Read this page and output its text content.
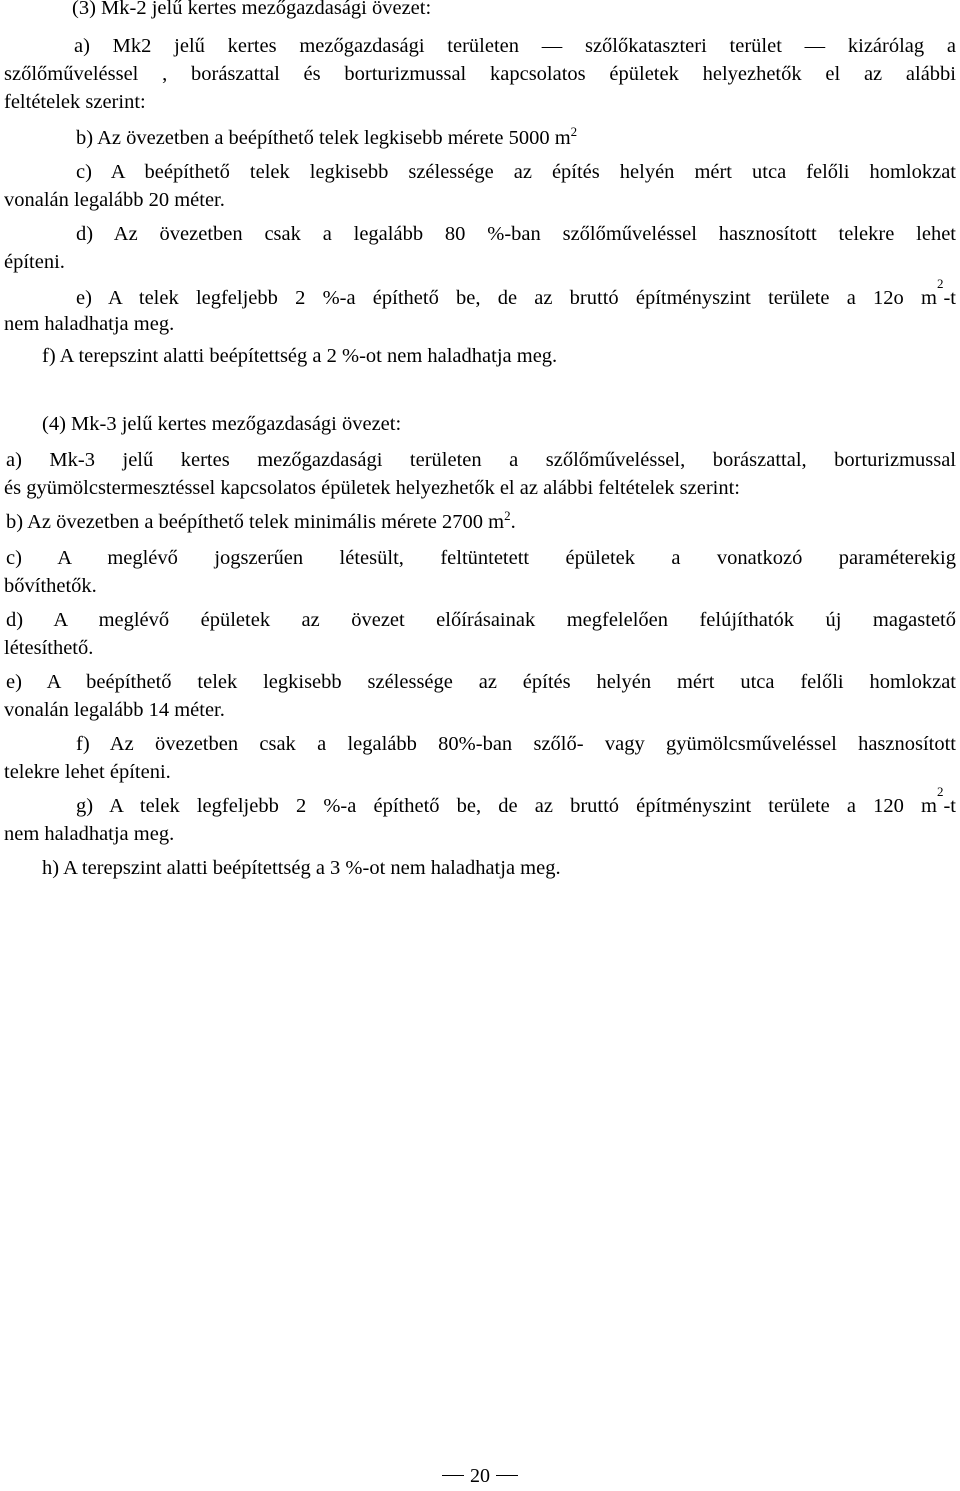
(3) Mk-2 jelű kertes mezőgazdasági övezet:
a) Mk2 jelű kertes mezőgazdasági területen — szőlőkataszteri terület — kizárólag a
szőlőműveléssel , borászattal és borturizmussal kapcsolatos épületek helyezhetők el az alábbi
feltételek szerint:
b) Az övezetben a beépíthető telek legkisebb mérete 5000 $m^2$
c) A beépíthető telek legkisebb szélessége az építés helyén mért utca felőli homlokzat
vonalán legalább 20 méter.
d) Az övezetben csak a legalább 80 %-ban szőlőműveléssel hasznosított telekre lehet
építeni.
e) A telek legfeljebb 2 %-a építhető be, de az bruttó építményszint területe a 12o m
2
-t
nem haladhatja meg.
f) A terepszint alatti beépítettség a 2 %-ot nem haladhatja meg.
(4) Mk-3 jelű kertes mezőgazdasági övezet:
a) Mk-3 jelű kertes mezőgazdasági területen a szőlőműveléssel, borászattal, borturizmussal
és gyümölcstermesztéssel kapcsolatos épületek helyezhetők el az alábbi feltételek szerint:
b) Az övezetben a beépíthető telek minimális mérete 2700 $m^2$.
c) A meglévő jogszerűen létesült, feltüntetett épületek a vonatkozó paraméterekig
bővíthetők.
d) A meglévő épületek az övezet előírásainak megfelelően felújíthatók új magastető
létesíthető.
e) A beépíthető telek legkisebb szélessége az építés helyén mért utca felőli homlokzat
vonalán legalább 14 méter.
f) Az övezetben csak a legalább 80%-ban szőlő- vagy gyümölcsműveléssel hasznosított
telekre lehet építeni.
g) A telek legfeljebb 2 %-a építhető be, de az bruttó építményszint területe a 120 m
2
-t
nem haladhatja meg.
h) A terepszint alatti beépítettség a 3 %-ot nem haladhatja meg.
20
